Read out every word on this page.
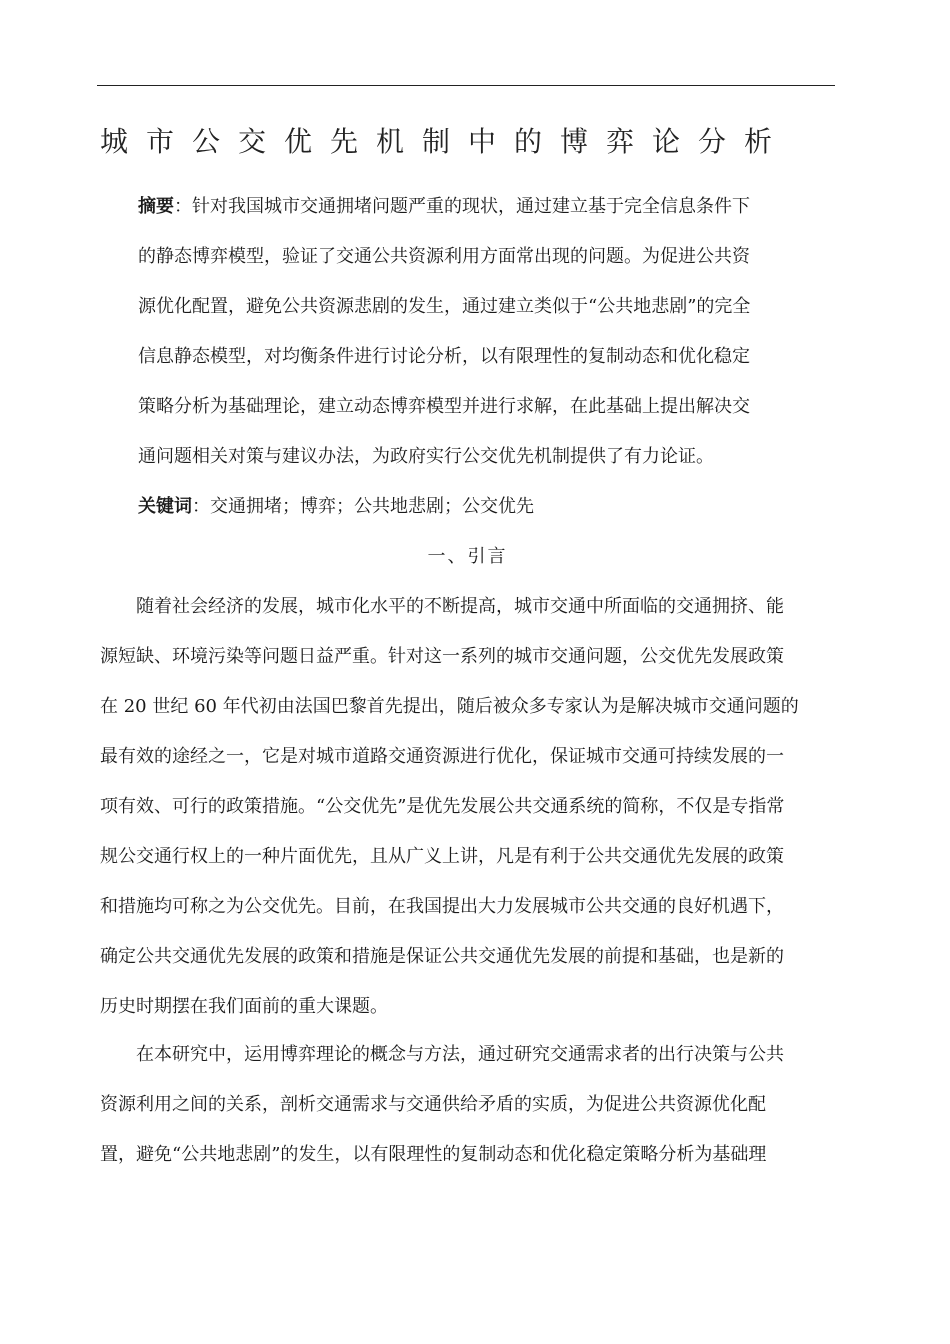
城市公交优先机制中的博弈论分析
摘要：针对我国城市交通拥堵问题严重的现状，通过建立基于完全信息条件下
的静态博弈模型，验证了交通公共资源利用方面常出现的问题。为促进公共资
源优化配置，避免公共资源悲剧的发生，通过建立类似于“公共地悲剧”的完全
信息静态模型，对均衡条件进行讨论分析，以有限理性的复制动态和优化稳定
策略分析为基础理论，建立动态博弈模型并进行求解，在此基础上提出解决交
通问题相关对策与建议办法，为政府实行公交优先机制提供了有力论证。
关键词：交通拥堵；博弈；公共地悲剧；公交优先
一、引言
　　随着社会经济的发展，城市化水平的不断提高，城市交通中所面临的交通拥挤、能
源短缺、环境污染等问题日益严重。针对这一系列的城市交通问题，公交优先发展政策
在 20 世纪 60 年代初由法国巴黎首先提出，随后被众多专家认为是解决城市交通问题的
最有效的途经之一，它是对城市道路交通资源进行优化，保证城市交通可持续发展的一
项有效、可行的政策措施。“公交优先”是优先发展公共交通系统的简称，不仅是专指常
规公交通行权上的一种片面优先，且从广义上讲，凡是有利于公共交通优先发展的政策
和措施均可称之为公交优先。目前，在我国提出大力发展城市公共交通的良好机遇下，
确定公共交通优先发展的政策和措施是保证公共交通优先发展的前提和基础，也是新的
历史时期摆在我们面前的重大课题。
　　在本研究中，运用博弈理论的概念与方法，通过研究交通需求者的出行决策与公共
资源利用之间的关系，剖析交通需求与交通供给矛盾的实质，为促进公共资源优化配
置，避免“公共地悲剧”的发生，以有限理性的复制动态和优化稳定策略分析为基础理
